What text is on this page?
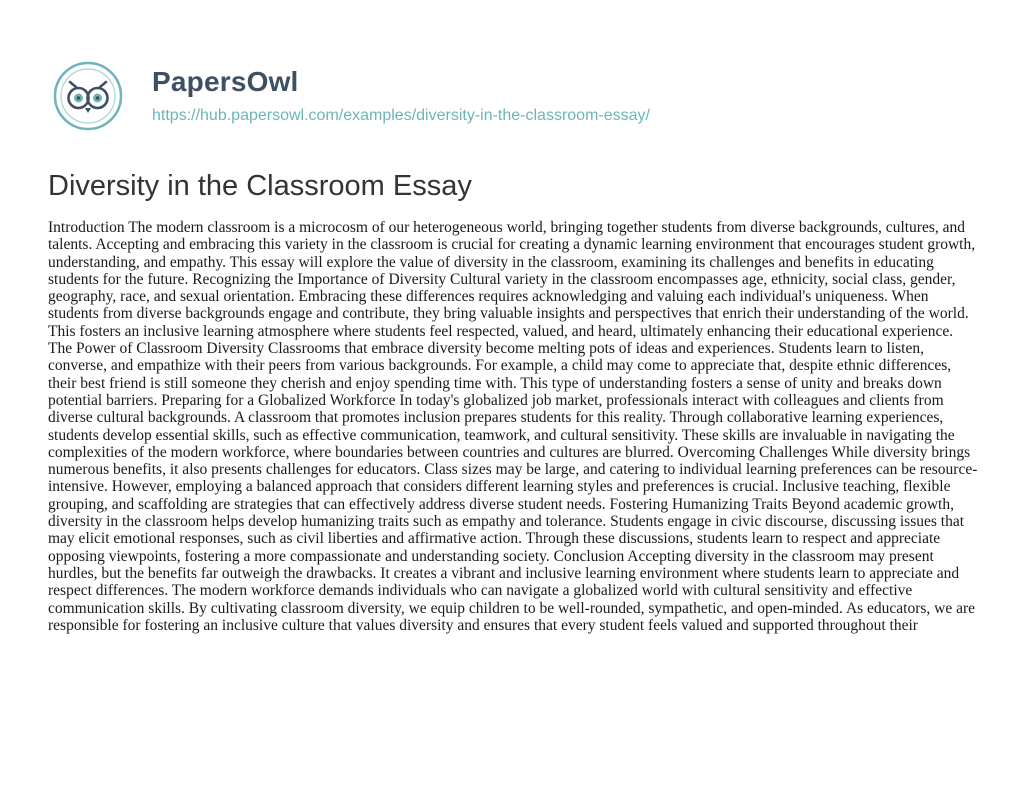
PapersOwl
https://hub.papersowl.com/examples/diversity-in-the-classroom-essay/
Diversity in the Classroom Essay

Introduction The modern classroom is a microcosm of our heterogeneous world, bringing together students from diverse backgrounds, cultures, and talents. Accepting and embracing this variety in the classroom is crucial for creating a dynamic learning environment that encourages student growth, understanding, and empathy. This essay will explore the value of diversity in the classroom, examining its challenges and benefits in educating students for the future. Recognizing the Importance of Diversity Cultural variety in the classroom encompasses age, ethnicity, social class, gender, geography, race, and sexual orientation. Embracing these differences requires acknowledging and valuing each individual's uniqueness. When students from diverse backgrounds engage and contribute, they bring valuable insights and perspectives that enrich their understanding of the world. This fosters an inclusive learning atmosphere where students feel respected, valued, and heard, ultimately enhancing their educational experience. The Power of Classroom Diversity Classrooms that embrace diversity become melting pots of ideas and experiences. Students learn to listen, converse, and empathize with their peers from various backgrounds. For example, a child may come to appreciate that, despite ethnic differences, their best friend is still someone they cherish and enjoy spending time with. This type of understanding fosters a sense of unity and breaks down potential barriers. Preparing for a Globalized Workforce In today's globalized job market, professionals interact with colleagues and clients from diverse cultural backgrounds. A classroom that promotes inclusion prepares students for this reality. Through collaborative learning experiences, students develop essential skills, such as effective communication, teamwork, and cultural sensitivity. These skills are invaluable in navigating the complexities of the modern workforce, where boundaries between countries and cultures are blurred. Overcoming Challenges While diversity brings numerous benefits, it also presents challenges for educators. Class sizes may be large, and catering to individual learning preferences can be resource-intensive. However, employing a balanced approach that considers different learning styles and preferences is crucial. Inclusive teaching, flexible grouping, and scaffolding are strategies that can effectively address diverse student needs. Fostering Humanizing Traits Beyond academic growth, diversity in the classroom helps develop humanizing traits such as empathy and tolerance. Students engage in civic discourse, discussing issues that may elicit emotional responses, such as civil liberties and affirmative action. Through these discussions, students learn to respect and appreciate opposing viewpoints, fostering a more compassionate and understanding society. Conclusion Accepting diversity in the classroom may present hurdles, but the benefits far outweigh the drawbacks. It creates a vibrant and inclusive learning environment where students learn to appreciate and respect differences. The modern workforce demands individuals who can navigate a globalized world with cultural sensitivity and effective communication skills. By cultivating classroom diversity, we equip children to be well-rounded, sympathetic, and open-minded. As educators, we are responsible for fostering an inclusive culture that values diversity and ensures that every student feels valued and supported throughout their
